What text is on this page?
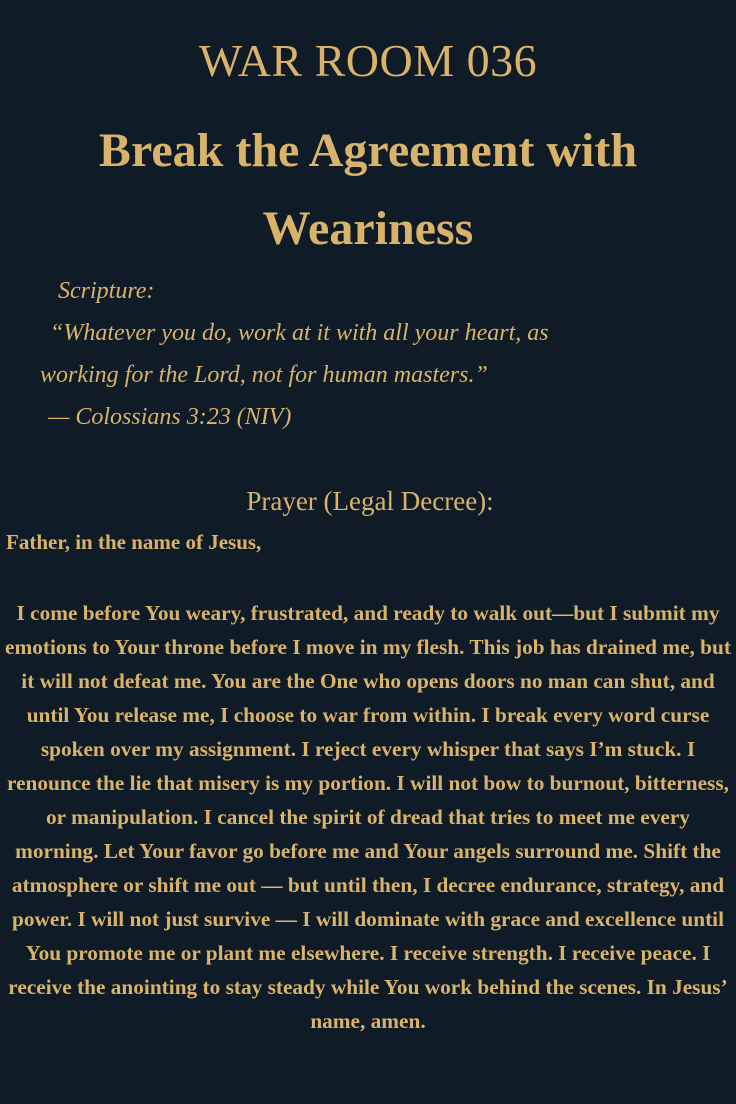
WAR ROOM 036
Break the Agreement with Weariness
Scripture:
“Whatever you do, work at it with all your heart, as
working for the Lord, not for human masters.”
— Colossians 3:23 (NIV)
Prayer (Legal Decree):
Father, in the name of Jesus,
I come before You weary, frustrated, and ready to walk out—but I submit my emotions to Your throne before I move in my flesh. This job has drained me, but it will not defeat me. You are the One who opens doors no man can shut, and until You release me, I choose to war from within. I break every word curse spoken over my assignment. I reject every whisper that says I’m stuck. I renounce the lie that misery is my portion. I will not bow to burnout, bitterness, or manipulation. I cancel the spirit of dread that tries to meet me every morning. Let Your favor go before me and Your angels surround me. Shift the atmosphere or shift me out — but until then, I decree endurance, strategy, and power. I will not just survive — I will dominate with grace and excellence until You promote me or plant me elsewhere. I receive strength. I receive peace. I receive the anointing to stay steady while You work behind the scenes. In Jesus’ name, amen.
